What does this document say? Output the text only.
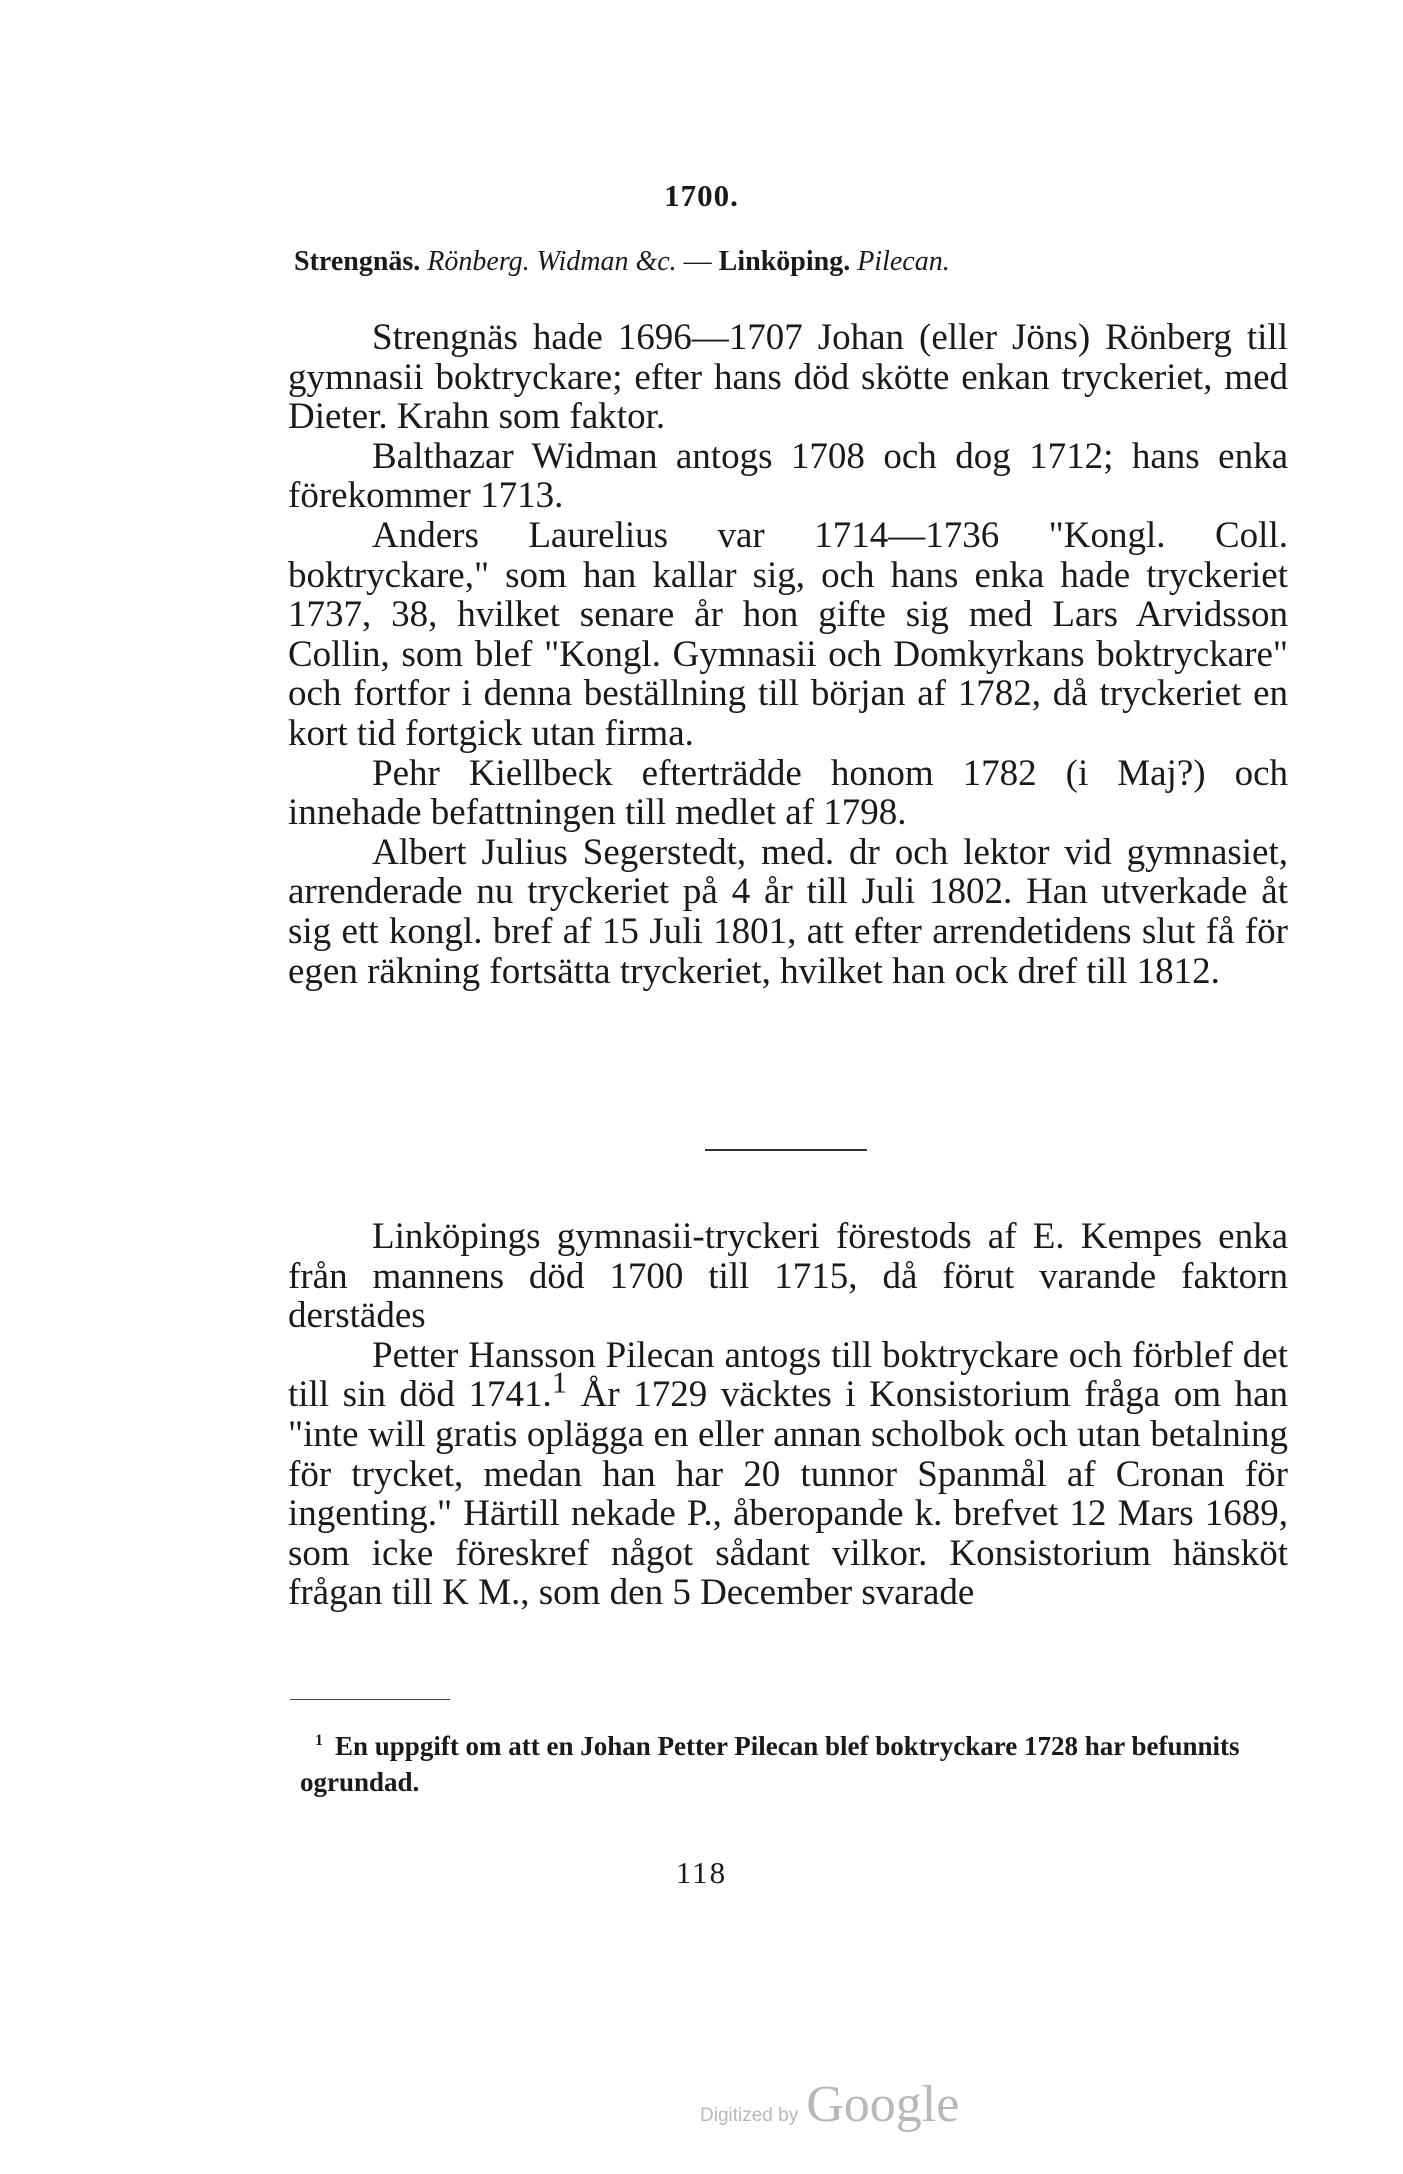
1700.
Strengnäs. Rönberg. Widman &c. — Linköping. Pilecan.

Strengnäs hade 1696—1707 Johan (eller Jöns) Rönberg till gymnasii boktryckare; efter hans död skötte enkan tryckeriet, med Dieter. Krahn som faktor.

Balthazar Widman antogs 1708 och dog 1712; hans enka förekommer 1713.

Anders Laurelius var 1714—1736 "Kongl. Coll. boktryckare," som han kallar sig, och hans enka hade tryckeriet 1737, 38, hvilket senare år hon gifte sig med Lars Arvidsson Collin, som blef "Kongl. Gymnasii och Domkyrkans boktryckare" och fortfor i denna beställning till början af 1782, då tryckeriet en kort tid fortgick utan firma.

Pehr Kiellbeck efterträdde honom 1782 (i Maj?) och innehade befattningen till medlet af 1798.

Albert Julius Segerstedt, med. dr och lektor vid gymnasiet, arrenderade nu tryckeriet på 4 år till Juli 1802. Han utverkade åt sig ett kongl. bref af 15 Juli 1801, att efter arrendetidens slut få för egen räkning fortsätta tryckeriet, hvilket han ock dref till 1812.

Linköpings gymnasii-tryckeri förestods af E. Kempes enka från mannens död 1700 till 1715, då förut varande faktorn derstädes

Petter Hansson Pilecan antogs till boktryckare och förblef det till sin död 1741.$^1$ År 1729 väcktes i Konsistorium fråga om han "inte will gratis oplägga en eller annan scholbok och utan betalning för trycket, medan han har 20 tunnor Spanmål af Cronan för ingenting." Härtill nekade P., åberopande k. brefvet 12 Mars 1689, som icke föreskref något sådant vilkor. Konsistorium hänsköt frågan till K M., som den 5 December svarade

$^1$ En uppgift om att en Johan Petter Pilecan blef boktryckare 1728 har befunnits ogrundad.

118
Digitized by Google
